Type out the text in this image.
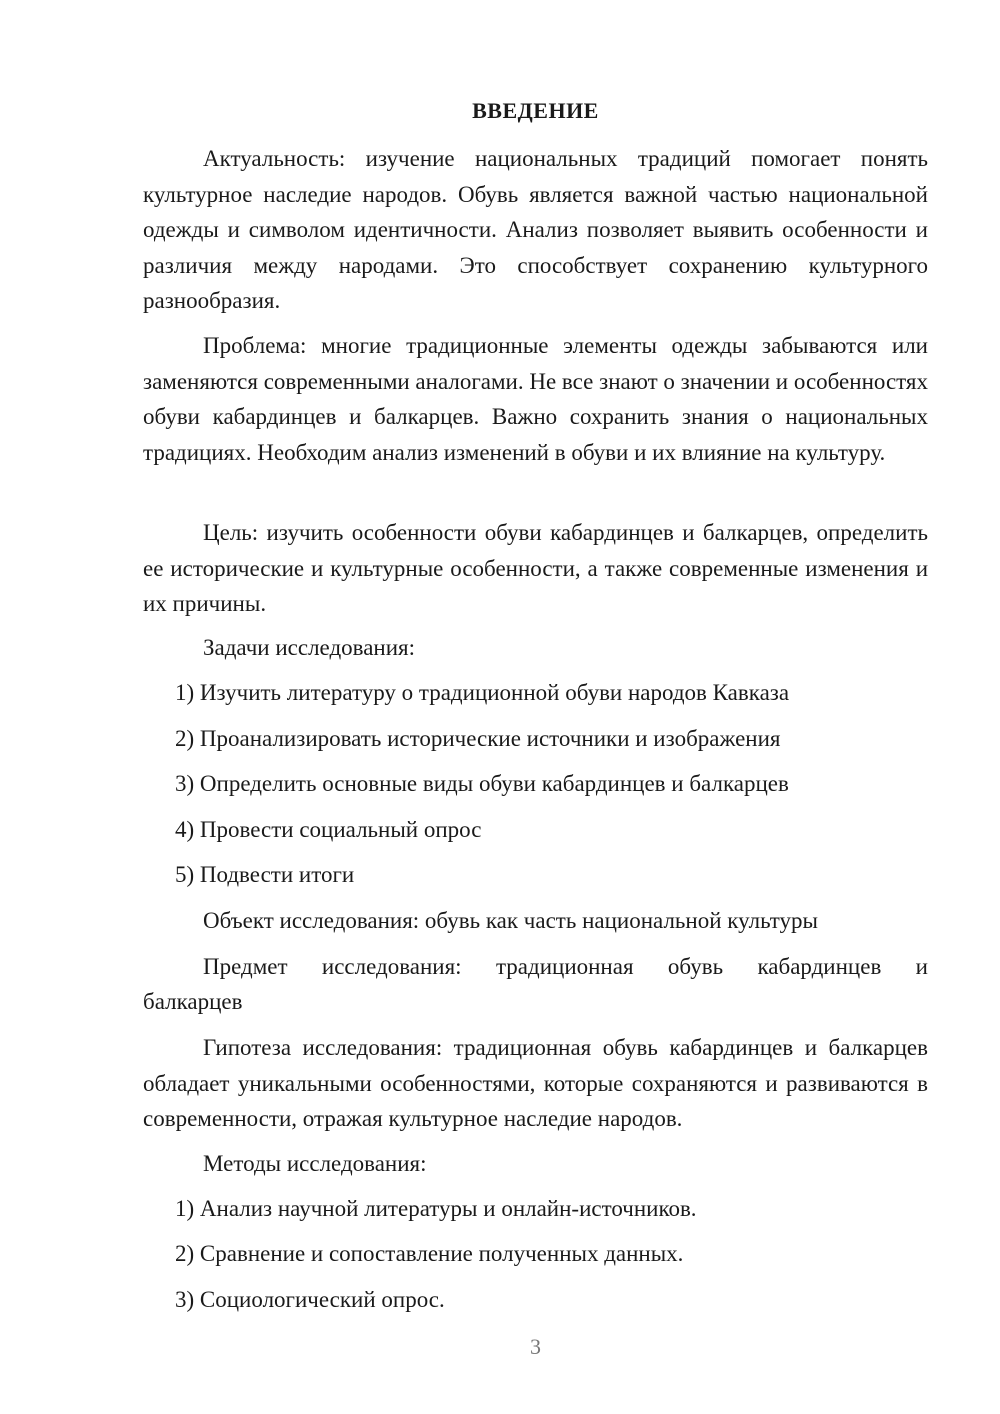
ВВЕДЕНИЕ

Актуальность: изучение национальных традиций помогает понять культурное наследие народов. Обувь является важной частью национальной одежды и символом идентичности. Анализ позволяет выявить особенности и различия между народами. Это способствует сохранению культурного разнообразия.

Проблема: многие традиционные элементы одежды забываются или заменяются современными аналогами. Не все знают о значении и особенностях обуви кабардинцев и балкарцев. Важно сохранить знания о национальных традициях. Необходим анализ изменений в обуви и их влияние на культуру.

Цель: изучить особенности обуви кабардинцев и балкарцев, определить ее исторические и культурные особенности, а также современные изменения и их причины.

Задачи исследования:

1) Изучить литературу о традиционной обуви народов Кавказа

2) Проанализировать исторические источники и изображения

3) Определить основные виды обуви кабардинцев и балкарцев

4) Провести социальный опрос

5) Подвести итоги

Объект исследования: обувь как часть национальной культуры

Предмет исследования: традиционная обувь кабардинцев и

балкарцев

Гипотеза исследования: традиционная обувь кабардинцев и балкарцев обладает уникальными особенностями, которые сохраняются и развиваются в современности, отражая культурное наследие народов.

Методы исследования:

1) Анализ научной литературы и онлайн-источников.

2) Сравнение и сопоставление полученных данных.

3) Социологический опрос.

3
